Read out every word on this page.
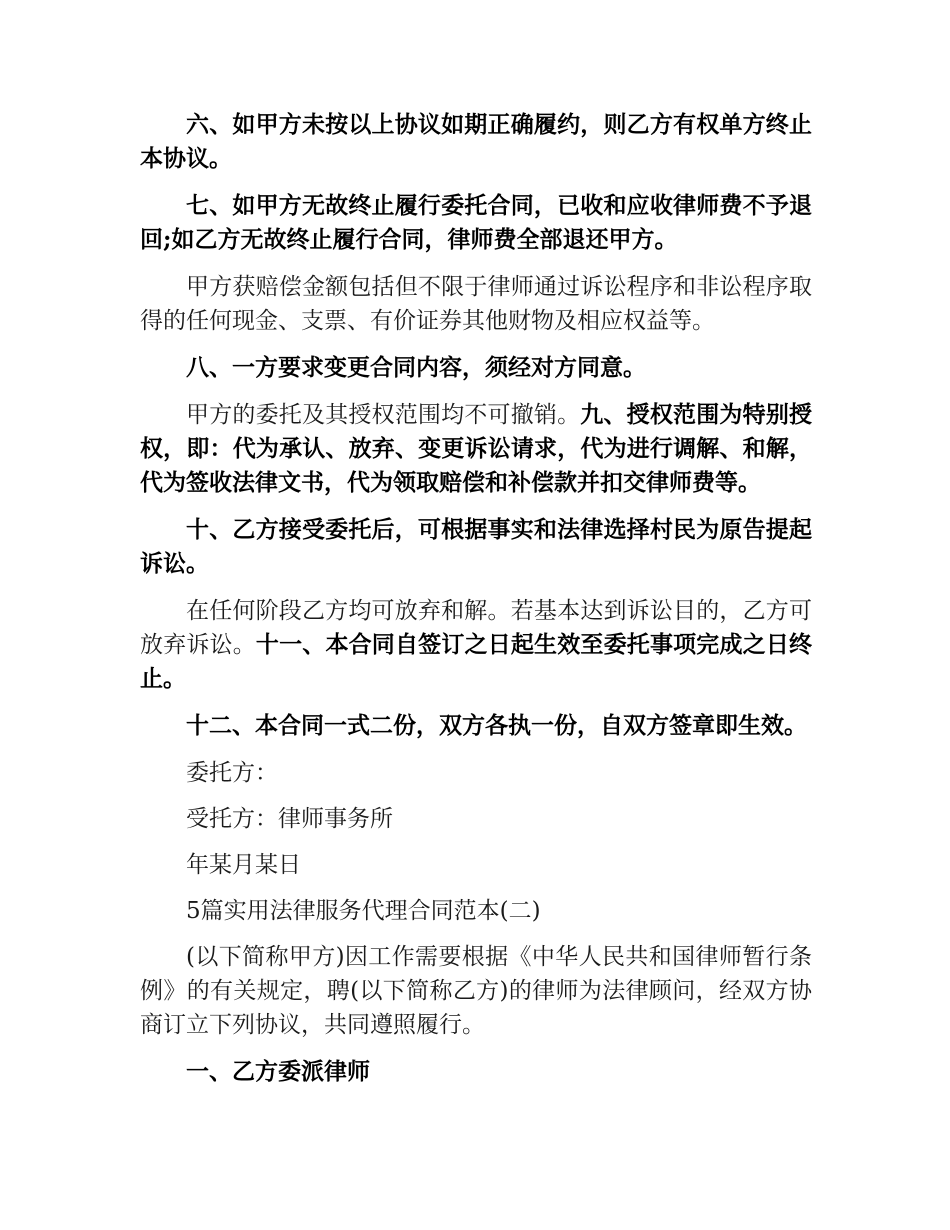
六、如甲方未按以上协议如期正确履约，则乙方有权单方终止本协议。

七、如甲方无故终止履行委托合同，已收和应收律师费不予退回;如乙方无故终止履行合同，律师费全部退还甲方。

甲方获赔偿金额包括但不限于律师通过诉讼程序和非讼程序取得的任何现金、支票、有价证券其他财物及相应权益等。

八、一方要求变更合同内容，须经对方同意。

甲方的委托及其授权范围均不可撤销。九、授权范围为特别授权，即：代为承认、放弃、变更诉讼请求，代为进行调解、和解，代为签收法律文书，代为领取赔偿和补偿款并扣交律师费等。

十、乙方接受委托后，可根据事实和法律选择村民为原告提起诉讼。

在任何阶段乙方均可放弃和解。若基本达到诉讼目的，乙方可放弃诉讼。十一、本合同自签订之日起生效至委托事项完成之日终止。

十二、本合同一式二份，双方各执一份，自双方签章即生效。

委托方：

受托方：律师事务所

年某月某日

5篇实用法律服务代理合同范本(二)

(以下简称甲方)因工作需要根据《中华人民共和国律师暂行条例》的有关规定，聘(以下简称乙方)的律师为法律顾问，经双方协商订立下列协议，共同遵照履行。

一、乙方委派律师
